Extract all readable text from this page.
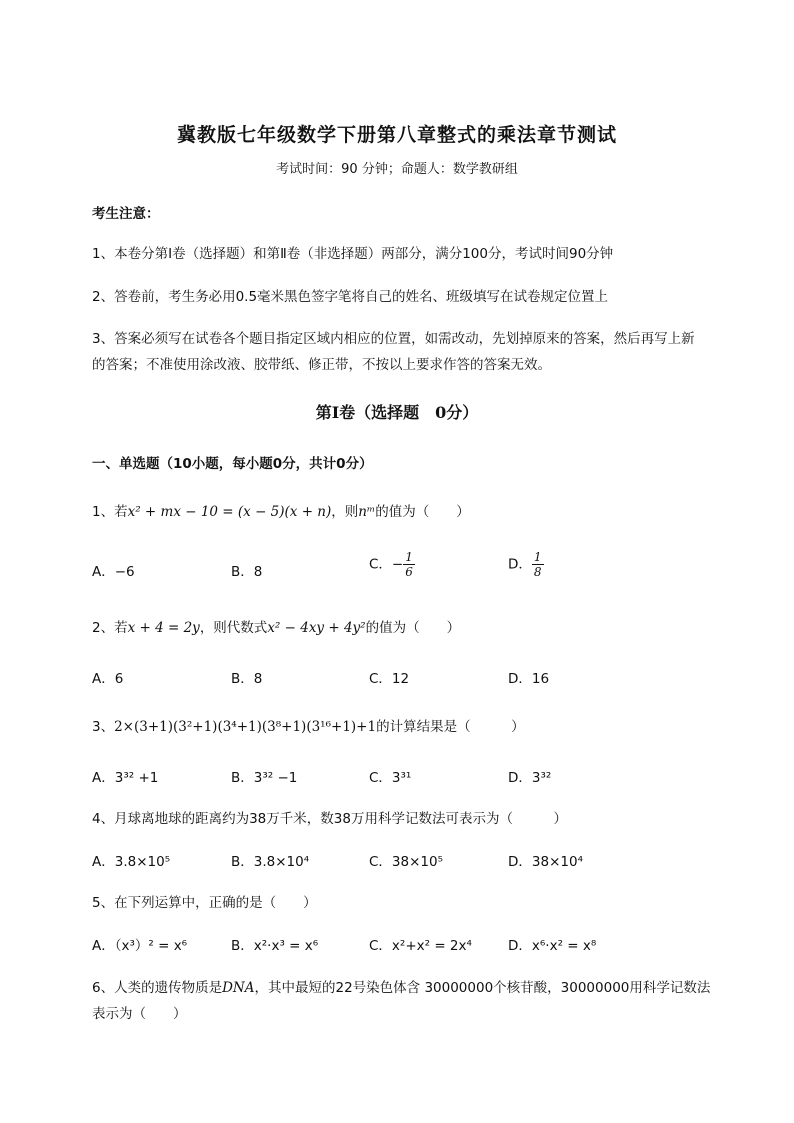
冀教版七年级数学下册第八章整式的乘法章节测试
考试时间：90 分钟；命题人：数学教研组
考生注意：
1、本卷分第Ⅰ卷（选择题）和第Ⅱ卷（非选择题）两部分，满分100分，考试时间90分钟
2、答卷前，考生务必用0.5毫米黑色签字笔将自己的姓名、班级填写在试卷规定位置上
3、答案必须写在试卷各个题目指定区域内相应的位置，如需改动，先划掉原来的答案，然后再写上新
的答案；不准使用涂改液、胶带纸、修正带，不按以上要求作答的答案无效。
第Ⅰ卷（选择题　0分）
一、单选题（10小题，每小题0分，共计0分）
1、若x² + mx − 10 = (x − 5)(x + n)，则nᵐ的值为（　　）
A．−6	B．8	C．− $\frac{1}{6}$	D． $\frac{1}{8}$
2、若x + 4 = 2y，则代数式x² − 4xy + 4y²的值为（　　）
A．6	B．8	C．12	D．16
3、2×(3+1)(3²+1)(3⁴+1)(3⁸+1)(3¹⁶+1)+1的计算结果是（　　　）
A．3³² +1	B．3³² −1	C．3³¹	D．3³²
4、月球离地球的距离约为38万千米，数38万用科学记数法可表示为（　　　）
A．3.8×10⁵	B．3.8×10⁴	C．38×10⁵	D．38×10⁴
5、在下列运算中，正确的是（　　）
A．（x³）² = x⁶	B．x²·x³ = x⁶	C．x²+x² = 2x⁴	D．x⁶·x² = x⁸
6、人类的遗传物质是DNA，其中最短的22号染色体含 30000000个核苷酸，30000000用科学记数法
表示为（　　）
